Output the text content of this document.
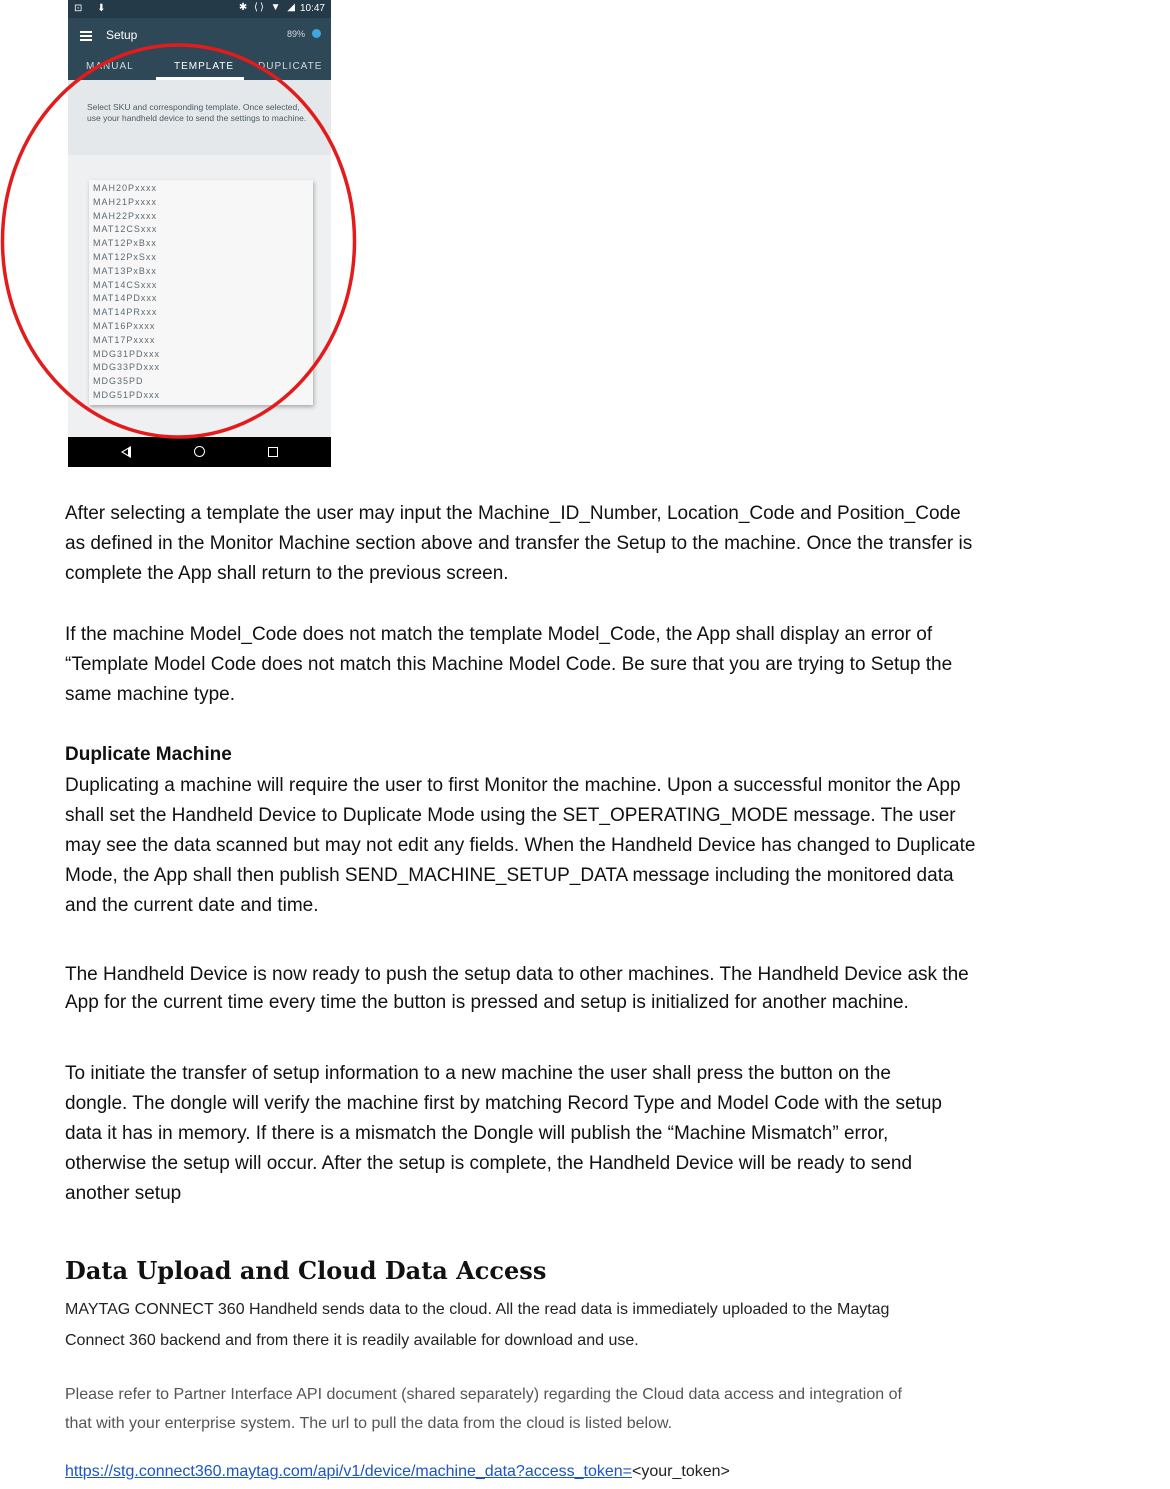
⊡ ⬇	✱ ⟨⟩ ▼ ◢ 10:47
Setup	89%
MANUAL	TEMPLATE DUPLICATE
Select SKU and corresponding template. Once selected, use your handheld device to send the settings to machine.
MAH20Pxxxx
MAH21Pxxxx
MAH22Pxxxx
MAT12CSxxx
MAT12PxBxx
MAT12PxSxx
MAT13PxBxx
MAT14CSxxx
MAT14PDxxx
MAT14PRxxx
MAT16Pxxxx
MAT17Pxxxx
MDG31PDxxx
MDG33PDxxx
MDG35PD
MDG51PDxxx
After selecting a template the user may input the Machine_ID_Number, Location_Code and Position_Code
as defined in the Monitor Machine section above and transfer the Setup to the machine. Once the transfer is
complete the App shall return to the previous screen.
If the machine Model_Code does not match the template Model_Code, the App shall display an error of
“Template Model Code does not match this Machine Model Code. Be sure that you are trying to Setup the
same machine type.
Duplicate Machine
Duplicating a machine will require the user to first Monitor the machine. Upon a successful monitor the App
shall set the Handheld Device to Duplicate Mode using the SET_OPERATING_MODE message. The user
may see the data scanned but may not edit any fields. When the Handheld Device has changed to Duplicate
Mode, the App shall then publish SEND_MACHINE_SETUP_DATA message including the monitored data
and the current date and time.
The Handheld Device is now ready to push the setup data to other machines. The Handheld Device ask the
App for the current time every time the button is pressed and setup is initialized for another machine.
To initiate the transfer of setup information to a new machine the user shall press the button on the
dongle. The dongle will verify the machine first by matching Record Type and Model Code with the setup
data it has in memory. If there is a mismatch the Dongle will publish the “Machine Mismatch” error,
otherwise the setup will occur. After the setup is complete, the Handheld Device will be ready to send
another setup
Data Upload and Cloud Data Access
MAYTAG CONNECT 360 Handheld sends data to the cloud. All the read data is immediately uploaded to the Maytag
Connect 360 backend and from there it is readily available for download and use.
Please refer to Partner Interface API document (shared separately) regarding the Cloud data access and integration of
that with your enterprise system. The url to pull the data from the cloud is listed below.
https://stg.connect360.maytag.com/api/v1/device/machine_data?access_token=<your_token>
